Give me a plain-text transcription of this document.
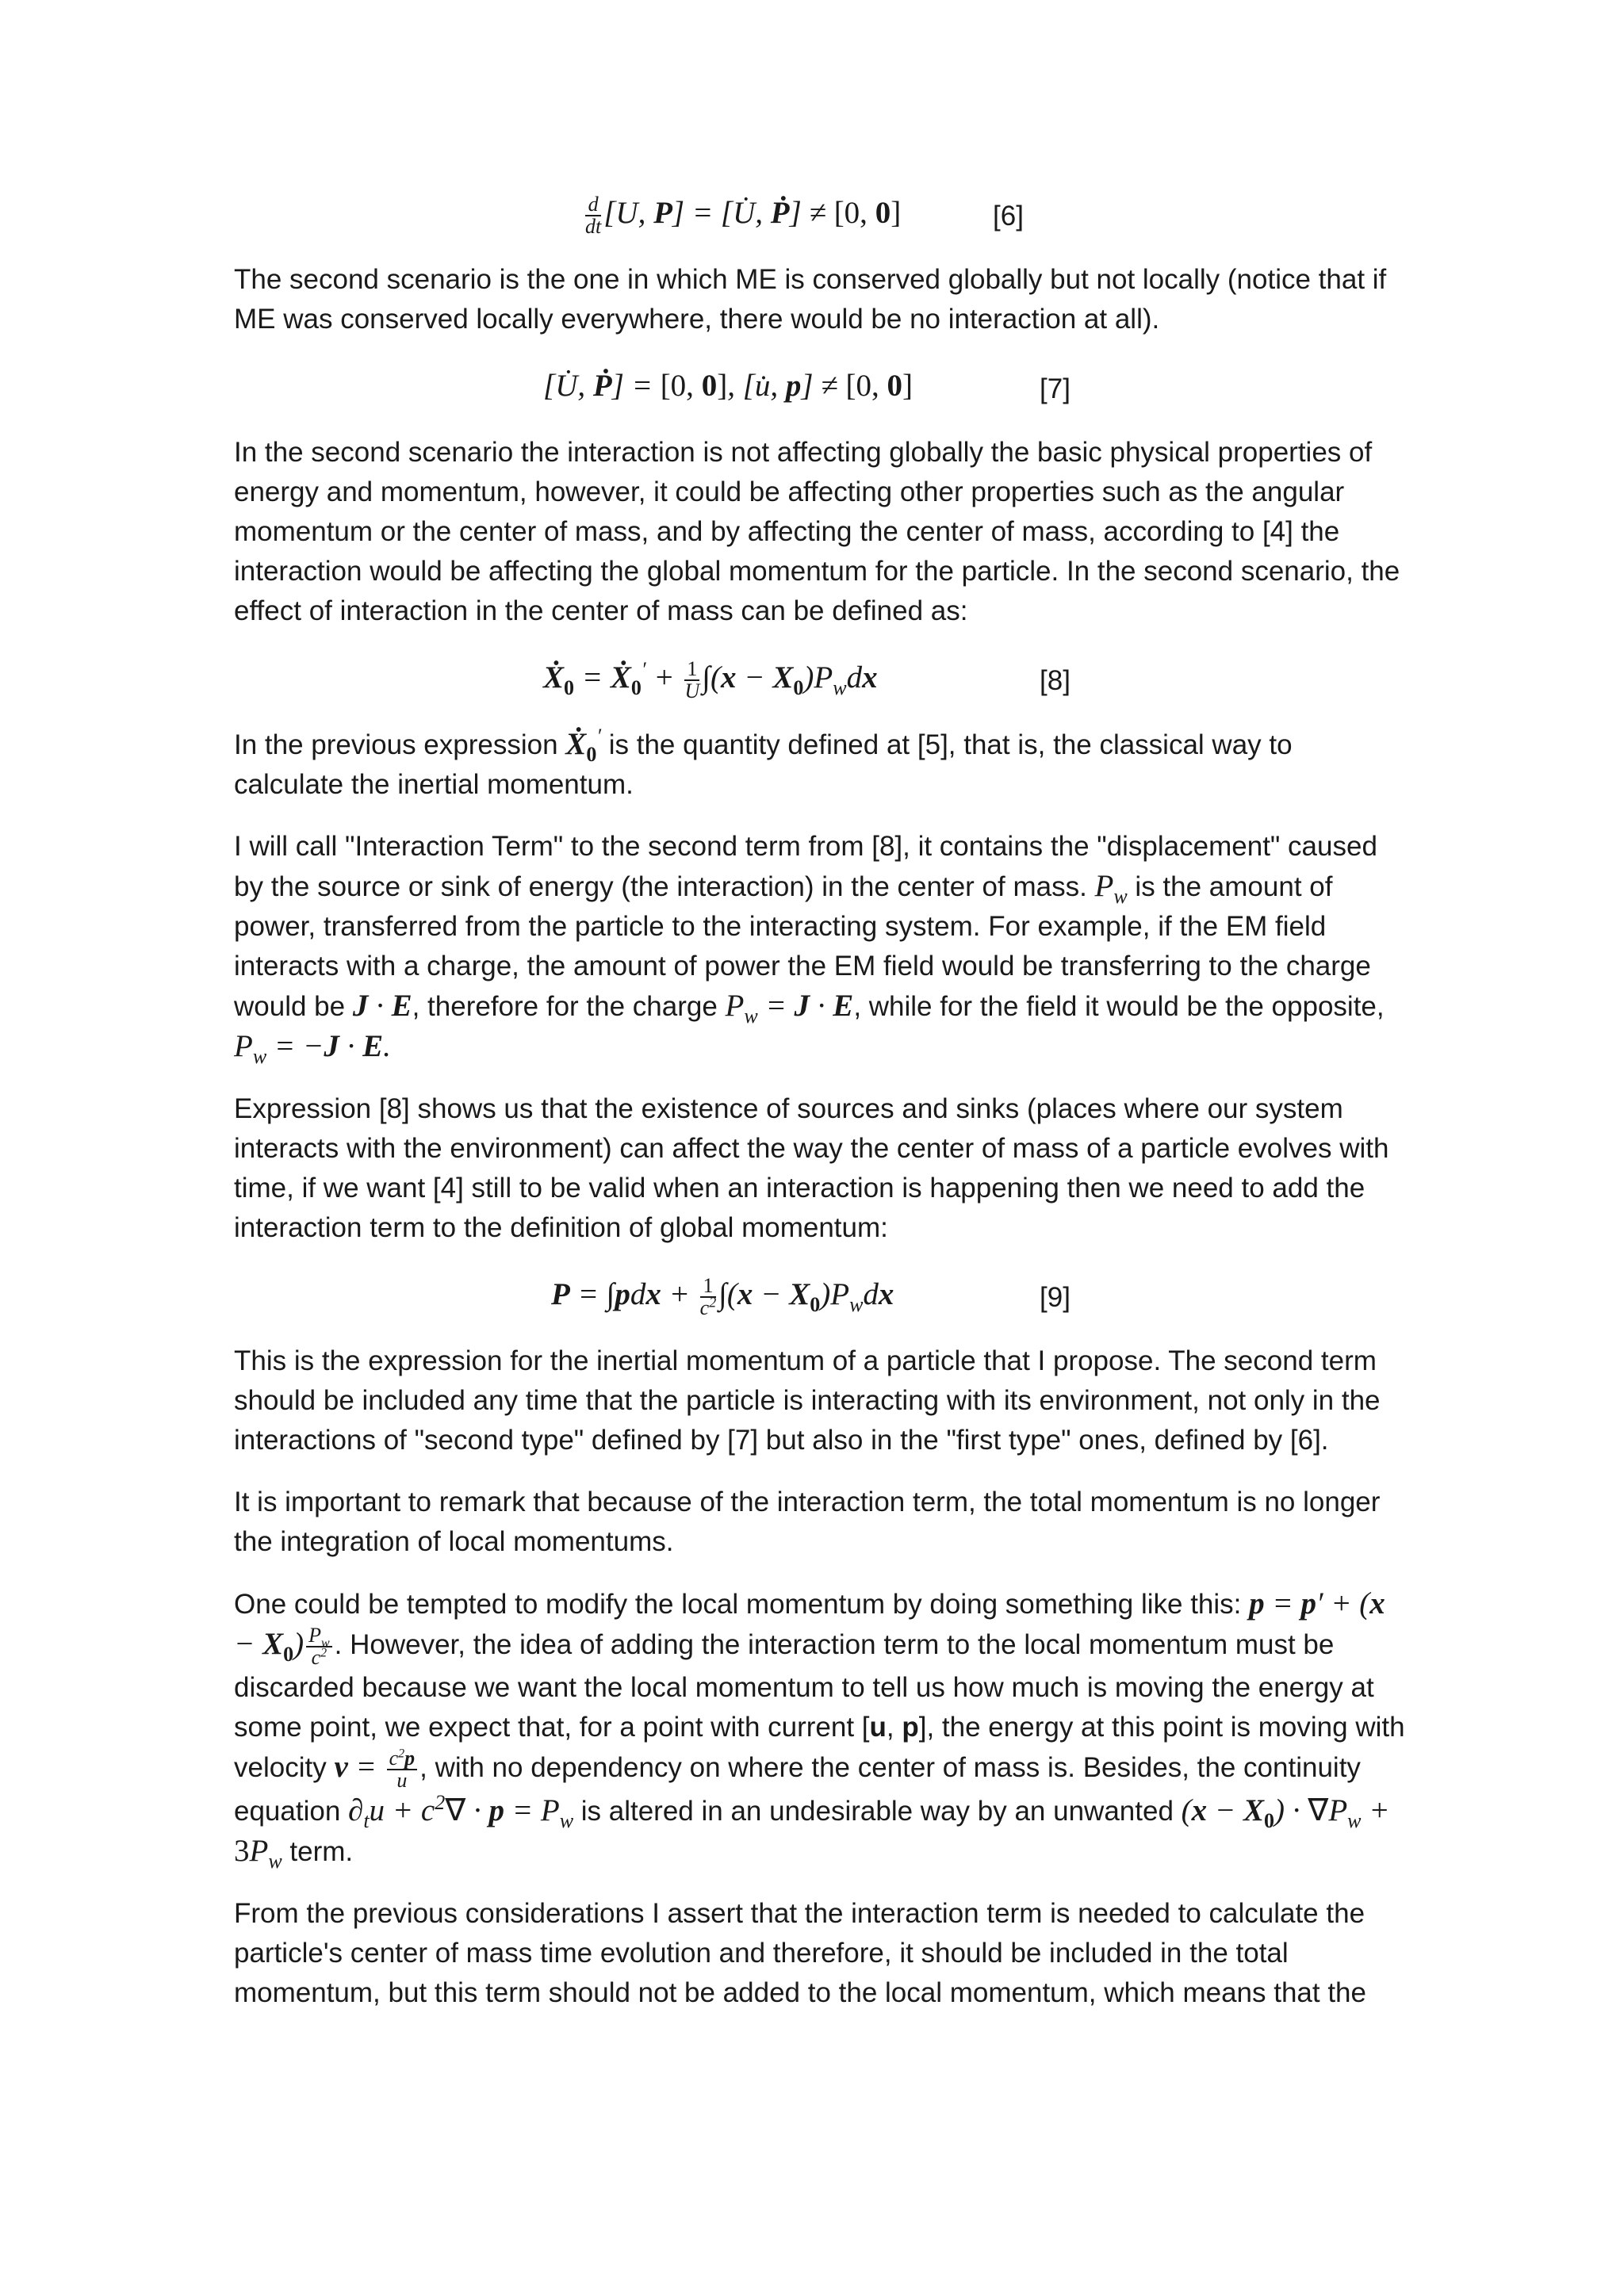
$\frac{d}{dt} [U$, P] = [U̇, Ṗ] ≠ [0, 0]	[6]

The second scenario is the one in which ME is conserved globally but not locally (notice that if ME was conserved locally everywhere, there would be no interaction at all).

[U̇, Ṗ] = [0, 0], [u̇, p] ≠ [0, 0]	[7]

In the second scenario the interaction is not affecting globally the basic physical properties of energy and momentum, however, it could be affecting other properties such as the angular momentum or the center of mass, and by affecting the center of mass, according to [4] the interaction would be affecting the global momentum for the particle. In the second scenario, the effect of interaction in the center of mass can be defined as:

$Ẋ_0$ = $Ẋ_0' + \frac{1}{U} \int(x - X_0)P_wdx$	[8]

In the previous expression $Ẋ_0'$ is the quantity defined at [5], that is, the classical way to calculate the inertial momentum.

I will call "Interaction Term" to the second term from [8], it contains the "displacement" caused by the source or sink of energy (the interaction) in the center of mass. $P_w$ is the amount of power, transferred from the particle to the interacting system. For example, if the EM field interacts with a charge, the amount of power the EM field would be transferring to the charge would be J · E, therefore for the charge $P_w = J \cdot E$, while for the field it would be the opposite, $P_w = -J \cdot E$.

Expression [8] shows us that the existence of sources and sinks (places where our system interacts with the environment) can affect the way the center of mass of a particle evolves with time, if we want [4] still to be valid when an interaction is happening then we need to add the interaction term to the definition of global momentum:

$P = \int pdx + \frac{1}{c^2} \int(x - X_0)P_wdx$	[9]

This is the expression for the inertial momentum of a particle that I propose. The second term should be included any time that the particle is interacting with its environment, not only in the interactions of "second type" defined by [7] but also in the "first type" ones, defined by [6].

It is important to remark that because of the interaction term, the total momentum is no longer the integration of local momentums.

One could be tempted to modify the local momentum by doing something like this: $p = p' + (x - X_0) \frac{P_w}{c^2}$ . However, the idea of adding the interaction term to the local momentum must be discarded because we want the local momentum to tell us how much is moving the energy at some point, we expect that, for a point with current [u, p], the energy at this point is moving with velocity $v = \frac{c^2p}{u}$ , with no dependency on where the center of mass is. Besides, the continuity equation $\partial_tu + c^2\nabla \cdot p = P_w$ is altered in an undesirable way by an unwanted $(x - X_0) \cdot \nabla P_w + 3P_w$ term.

From the previous considerations I assert that the interaction term is needed to calculate the particle's center of mass time evolution and therefore, it should be included in the total momentum, but this term should not be added to the local momentum, which means that the
